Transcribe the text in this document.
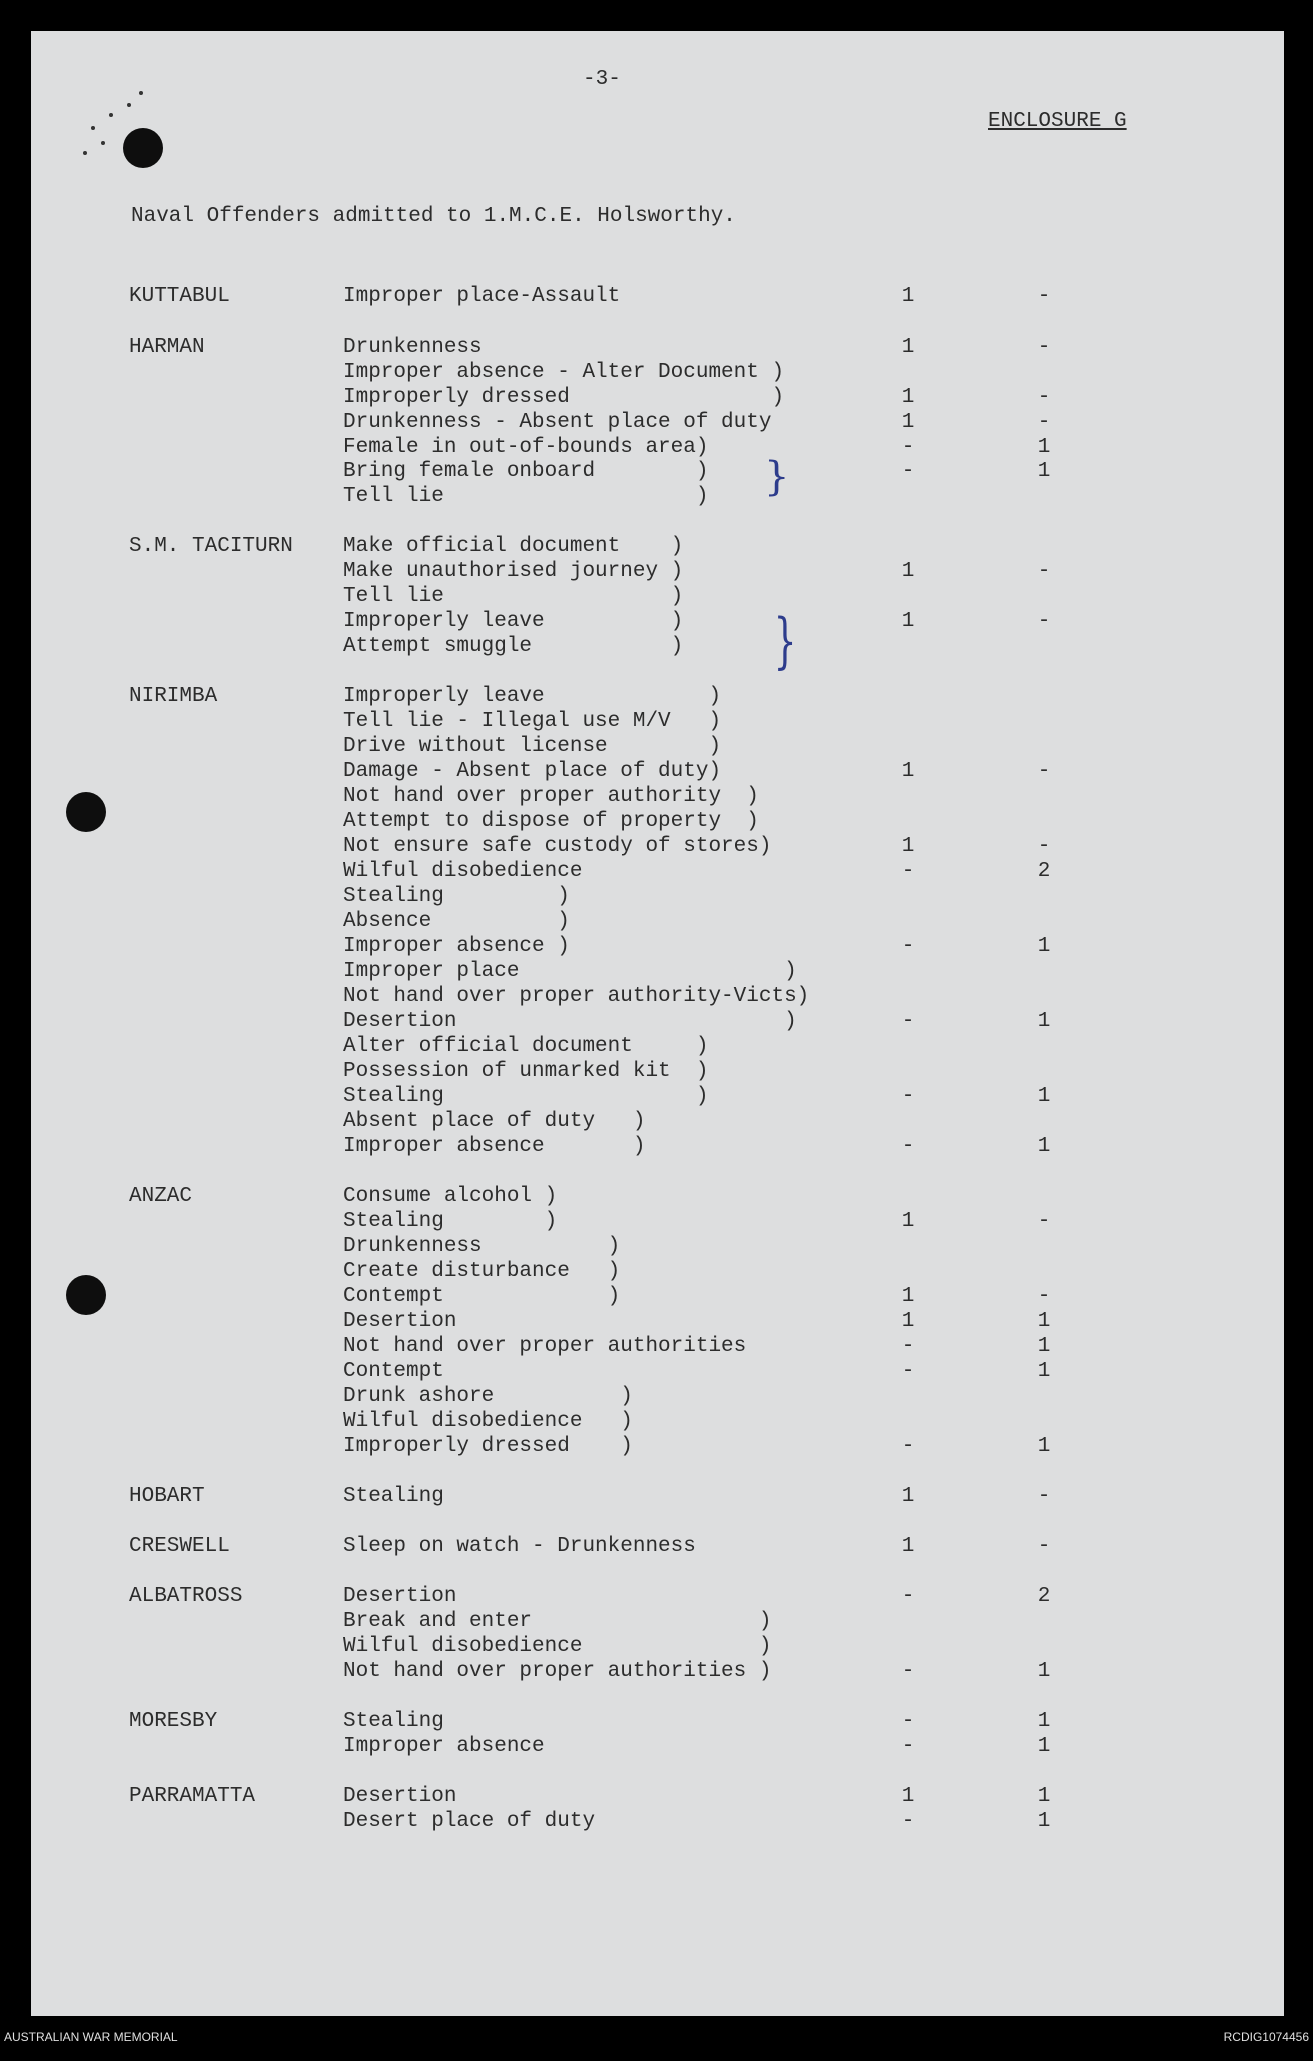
-3-
ENCLOSURE G
Naval Offenders admitted to 1.M.C.E. Holsworthy.
KUTTABUL	Improper place-Assault	1	-
HARMAN	Drunkenness	1	-
Improper absence - Alter Document )
Improperly dressed                )	1	-
Drunkenness - Absent place of duty	1	-
Female in out-of-bounds area)	-	1
Bring female onboard        )	-	1
Tell lie                    )
S.M. TACITURN Make official document    )
Make unauthorised journey )	1	-
Tell lie                  )
Improperly leave          )	1	-
Attempt smuggle           )
NIRIMBA	Improperly leave             )
Tell lie - Illegal use M/V   )
Drive without license        )
Damage - Absent place of duty)	1	-
Not hand over proper authority  )
Attempt to dispose of property  )
Not ensure safe custody of stores)	1	-
Wilful disobedience	-	2
Stealing         )
Absence          )
Improper absence )	-	1
Improper place                     )
Not hand over proper authority-Victs)
Desertion                          )	-	1
Alter official document     )
Possession of unmarked kit  )
Stealing                    )	-	1
Absent place of duty   )
Improper absence       )	-	1
ANZAC	Consume alcohol )
Stealing        )	1	-
Drunkenness          )
Create disturbance   )
Contempt             )	1	-
Desertion	1	1
Not hand over proper authorities	-	1
Contempt	-	1
Drunk ashore          )
Wilful disobedience   )
Improperly dressed    )	-	1
HOBART	Stealing	1	-
CRESWELL	Sleep on watch - Drunkenness	1	-
ALBATROSS	Desertion	-	2
Break and enter                  )
Wilful disobedience              )
Not hand over proper authorities )	-	1
MORESBY	Stealing	-	1
Improper absence	-	1
PARRAMATTA	Desertion	1	1
Desert place of duty	-	1
}
}
AUSTRALIAN WAR MEMORIAL	RCDIG1074456
